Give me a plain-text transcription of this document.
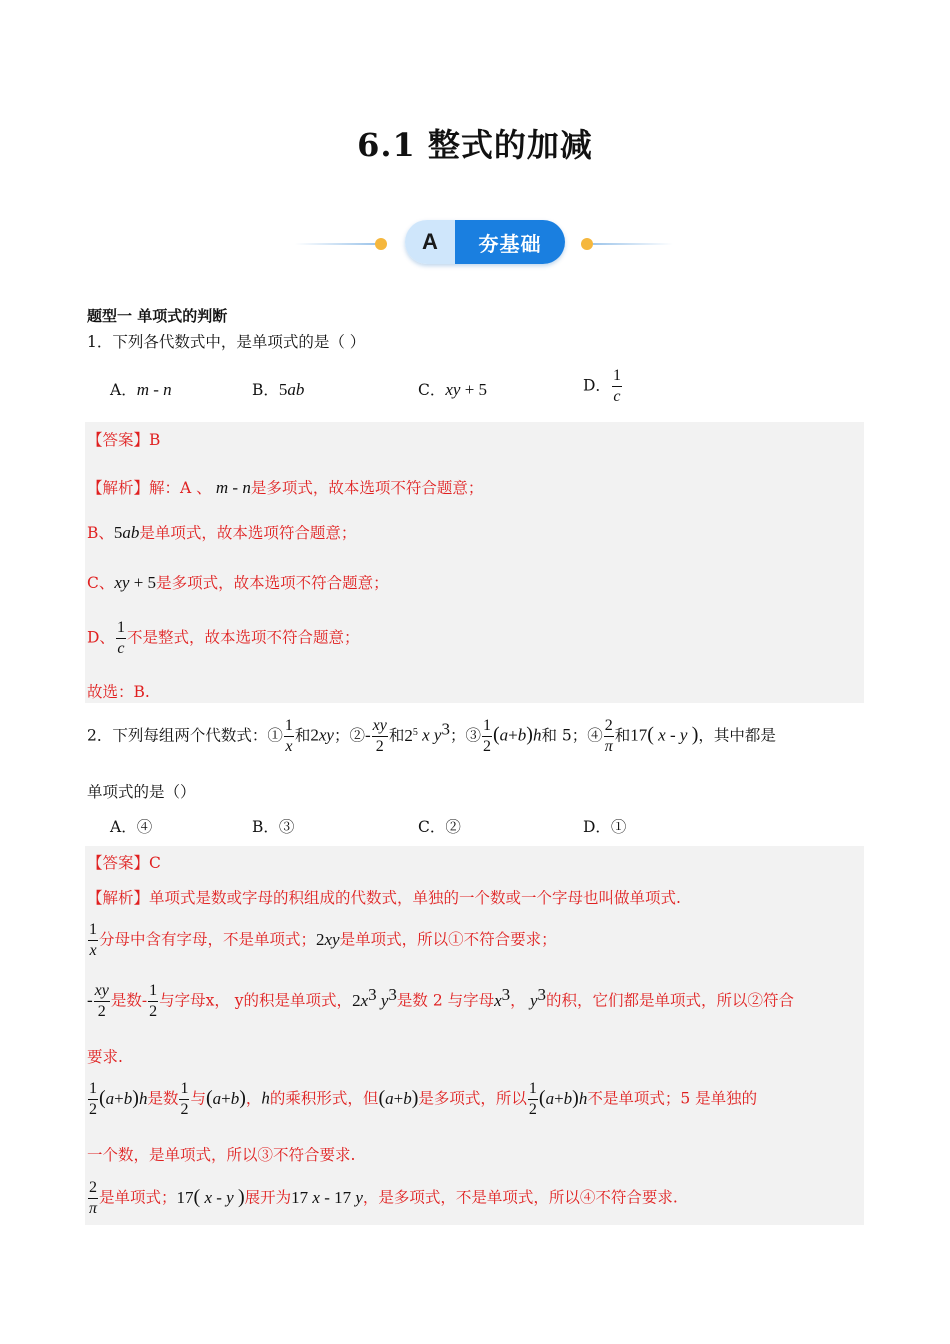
6.1 整式的加减
A	夯基础
题型一 单项式的判断
1．下列各代数式中，是单项式的是（ ）
A．m - n	B．5ab	C．xy + 5	D． $\frac{1}{c}$
【答案】B
【解析】解：A 、 m - n是多项式，故本选项不符合题意；
B、5ab是单项式，故本选项符合题意；
C、xy + 5是多项式，故本选项不符合题意；
D、 $\frac{1}{c}$ 不是整式，故本选项不符合题意；
故选：B.
2．下列每组两个代数式：① $\frac{1}{x}$ 和2xy；②- $\frac{xy}{2}$ 和$2^5$ x $y^3$；③ $\frac{1}{2} (a+b)h$和 5；④ $\frac{2}{\pi}$ 和17( x - y )，其中都是
单项式的是（）
A．④	B．③	C．②	D．①
【答案】C
【解析】单项式是数或字母的积组成的代数式，单独的一个数或一个字母也叫做单项式.
$\frac{1}{x}$ 分母中含有字母，不是单项式；2xy是单项式，所以①不符合要求；
- $\frac{xy}{2}$ 是数- $\frac{1}{2}$ 与字母x， y的积是单项式，$2x^3$ $y^3$是数 2 与字母$x^3$， $y^3$的积，它们都是单项式，所以②符合
要求.
$\frac{1}{2} (a+b)h$是数 $\frac{1}{2}$ 与(a+b)，h的乘积形式，但(a+b)是多项式，所以 $\frac{1}{2} (a+b)h$不是单项式；5 是单独的
一个数，是单项式，所以③不符合要求.
$\frac{2}{\pi}$ 是单项式；17( x - y )展开为17 x - 17 y，是多项式，不是单项式，所以④不符合要求.
